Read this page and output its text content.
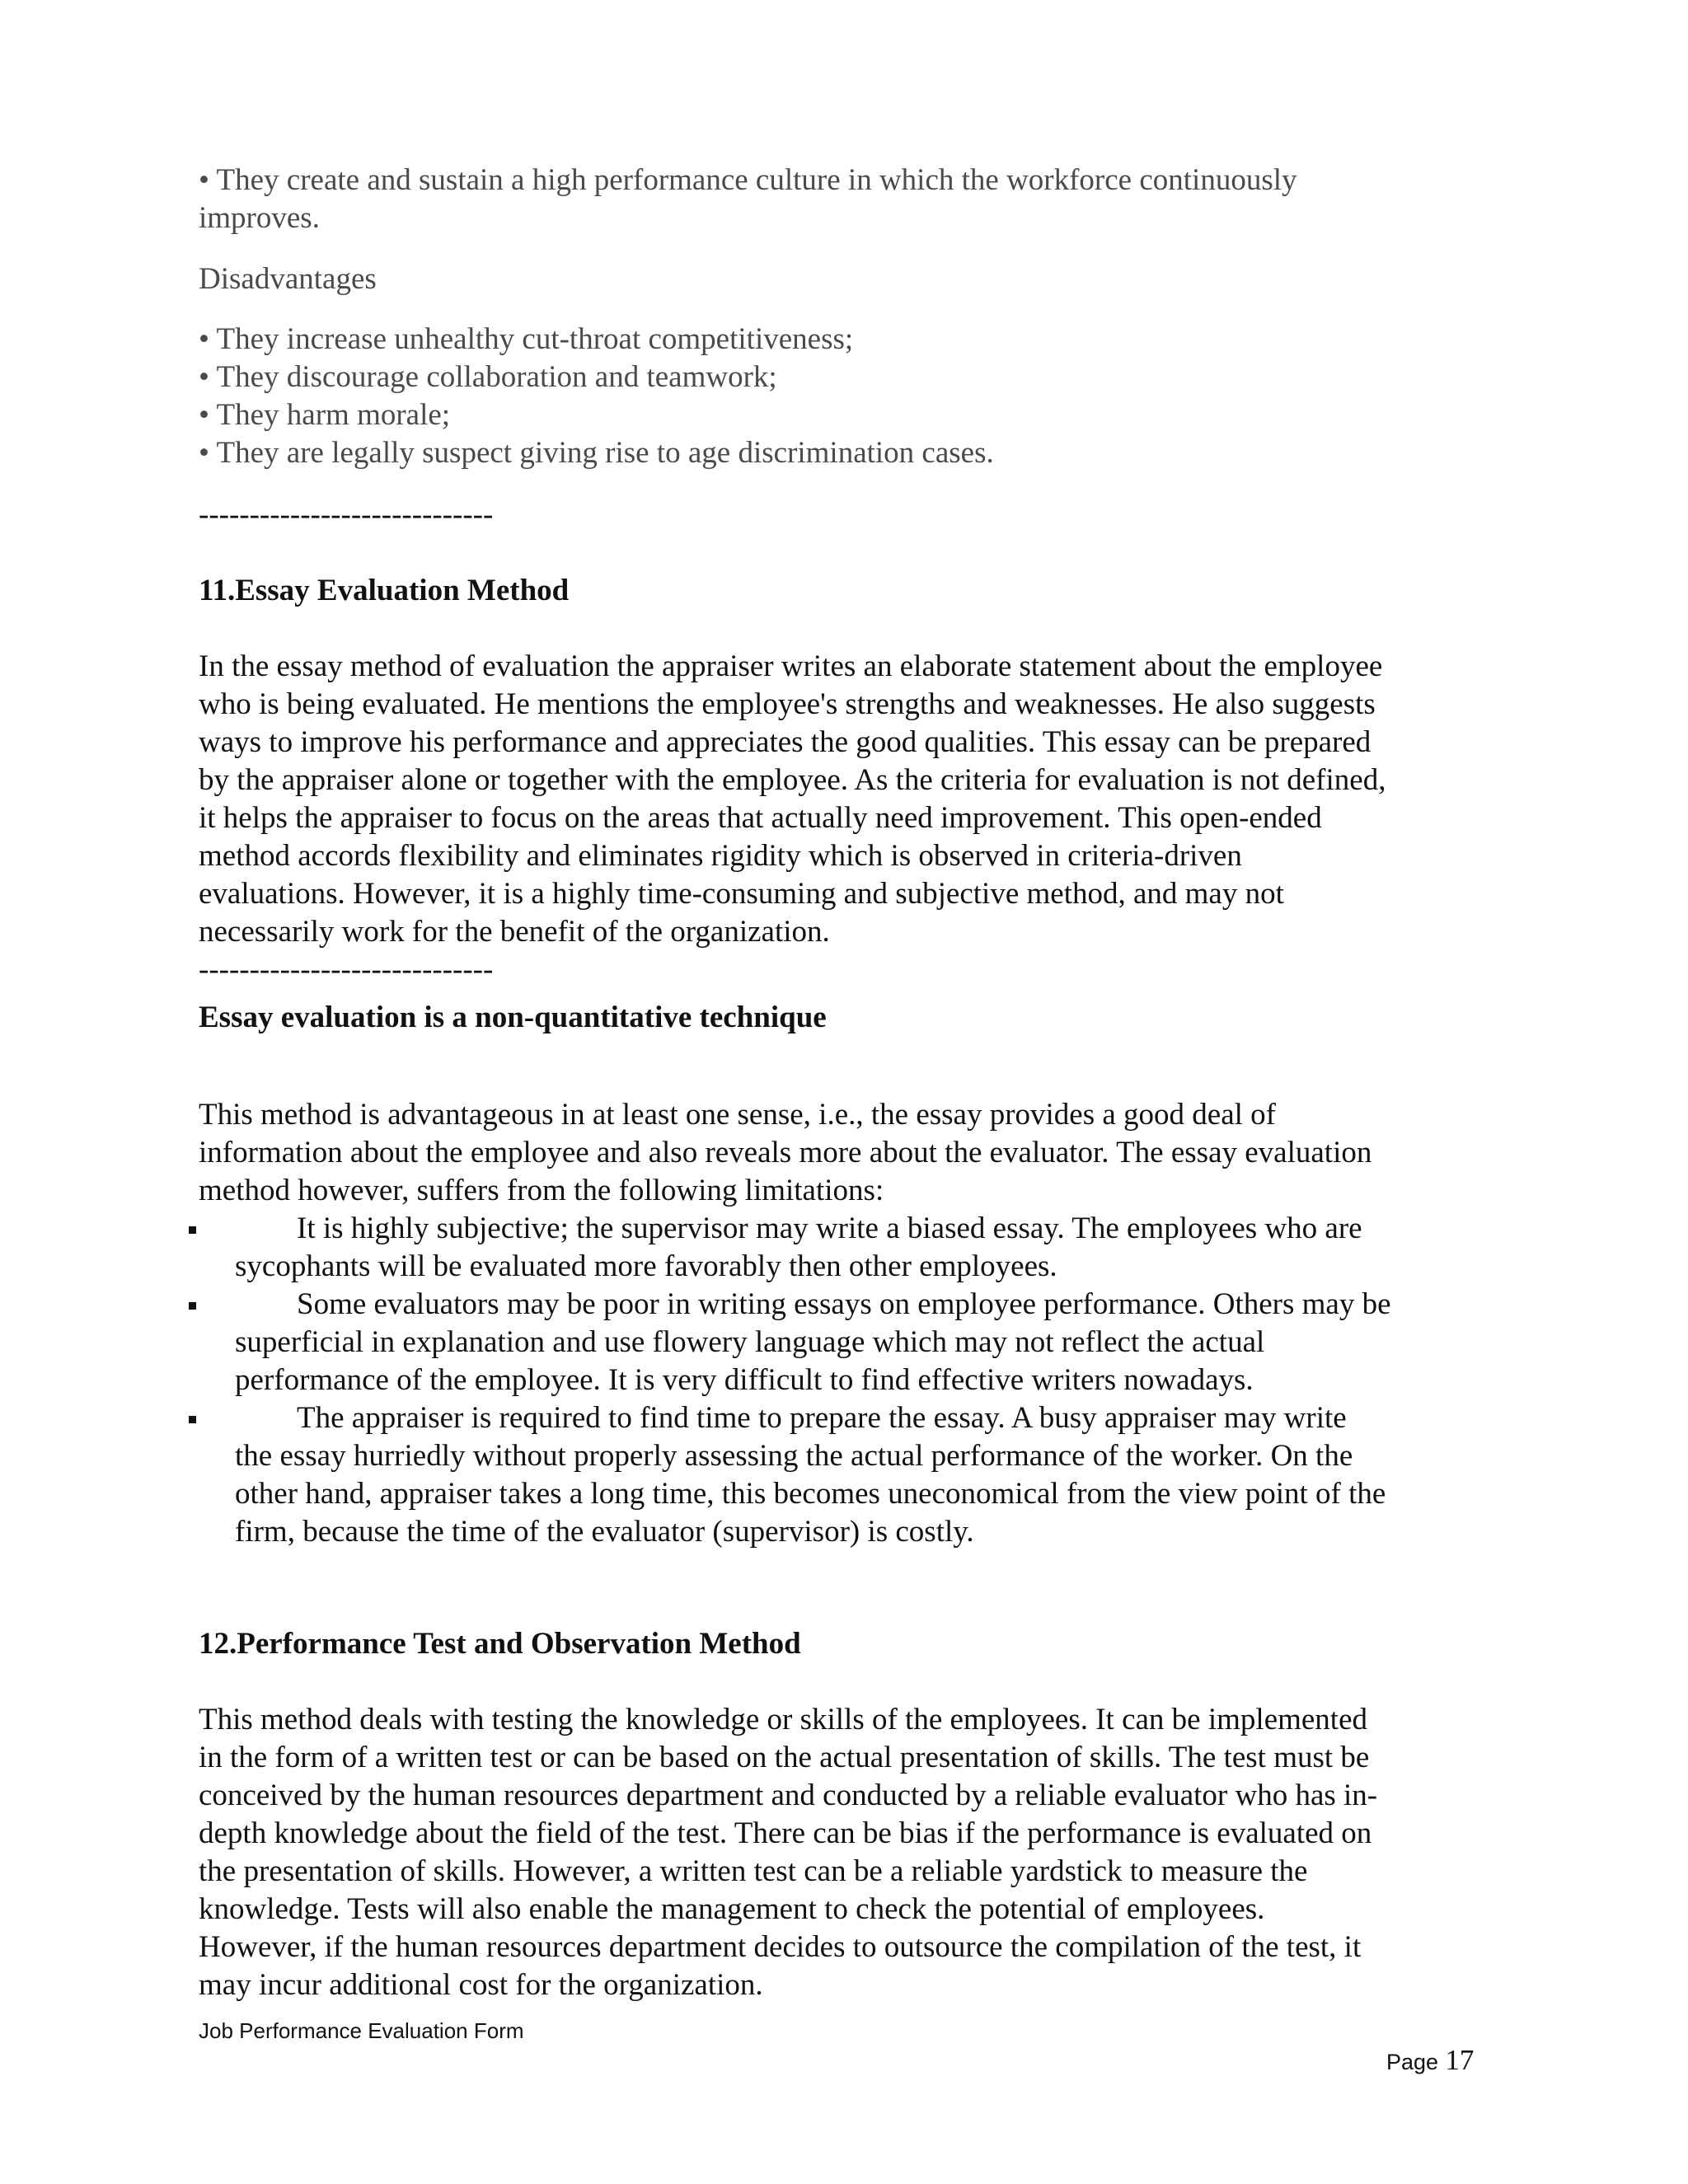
• They create and sustain a high performance culture in which the workforce continuously

improves.

Disadvantages

• They increase unhealthy cut-throat competitiveness;

• They discourage collaboration and teamwork;

• They harm morale;

• They are legally suspect giving rise to age discrimination cases.

-----------------------------

11.Essay Evaluation Method

In the essay method of evaluation the appraiser writes an elaborate statement about the employee

who is being evaluated. He mentions the employee's strengths and weaknesses. He also suggests

ways to improve his performance and appreciates the good qualities. This essay can be prepared

by the appraiser alone or together with the employee. As the criteria for evaluation is not defined,

it helps the appraiser to focus on the areas that actually need improvement. This open-ended

method accords flexibility and eliminates rigidity which is observed in criteria-driven

evaluations. However, it is a highly time-consuming and subjective method, and may not

necessarily work for the benefit of the organization.

-----------------------------

Essay evaluation is a non-quantitative technique

This method is advantageous in at least one sense, i.e., the essay provides a good deal of

information about the employee and also reveals more about the evaluator. The essay evaluation

method however, suffers from the following limitations:

It is highly subjective; the supervisor may write a biased essay. The employees who are

sycophants will be evaluated more favorably then other employees.

Some evaluators may be poor in writing essays on employee performance. Others may be

superficial in explanation and use flowery language which may not reflect the actual

performance of the employee. It is very difficult to find effective writers nowadays.

The appraiser is required to find time to prepare the essay. A busy appraiser may write

the essay hurriedly without properly assessing the actual performance of the worker. On the

other hand, appraiser takes a long time, this becomes uneconomical from the view point of the

firm, because the time of the evaluator (supervisor) is costly.

12.Performance Test and Observation Method

This method deals with testing the knowledge or skills of the employees. It can be implemented

in the form of a written test or can be based on the actual presentation of skills. The test must be

conceived by the human resources department and conducted by a reliable evaluator who has in-

depth knowledge about the field of the test. There can be bias if the performance is evaluated on

the presentation of skills. However, a written test can be a reliable yardstick to measure the

knowledge. Tests will also enable the management to check the potential of employees.

However, if the human resources department decides to outsource the compilation of the test, it

may incur additional cost for the organization.

Job Performance Evaluation Form
Page 17
